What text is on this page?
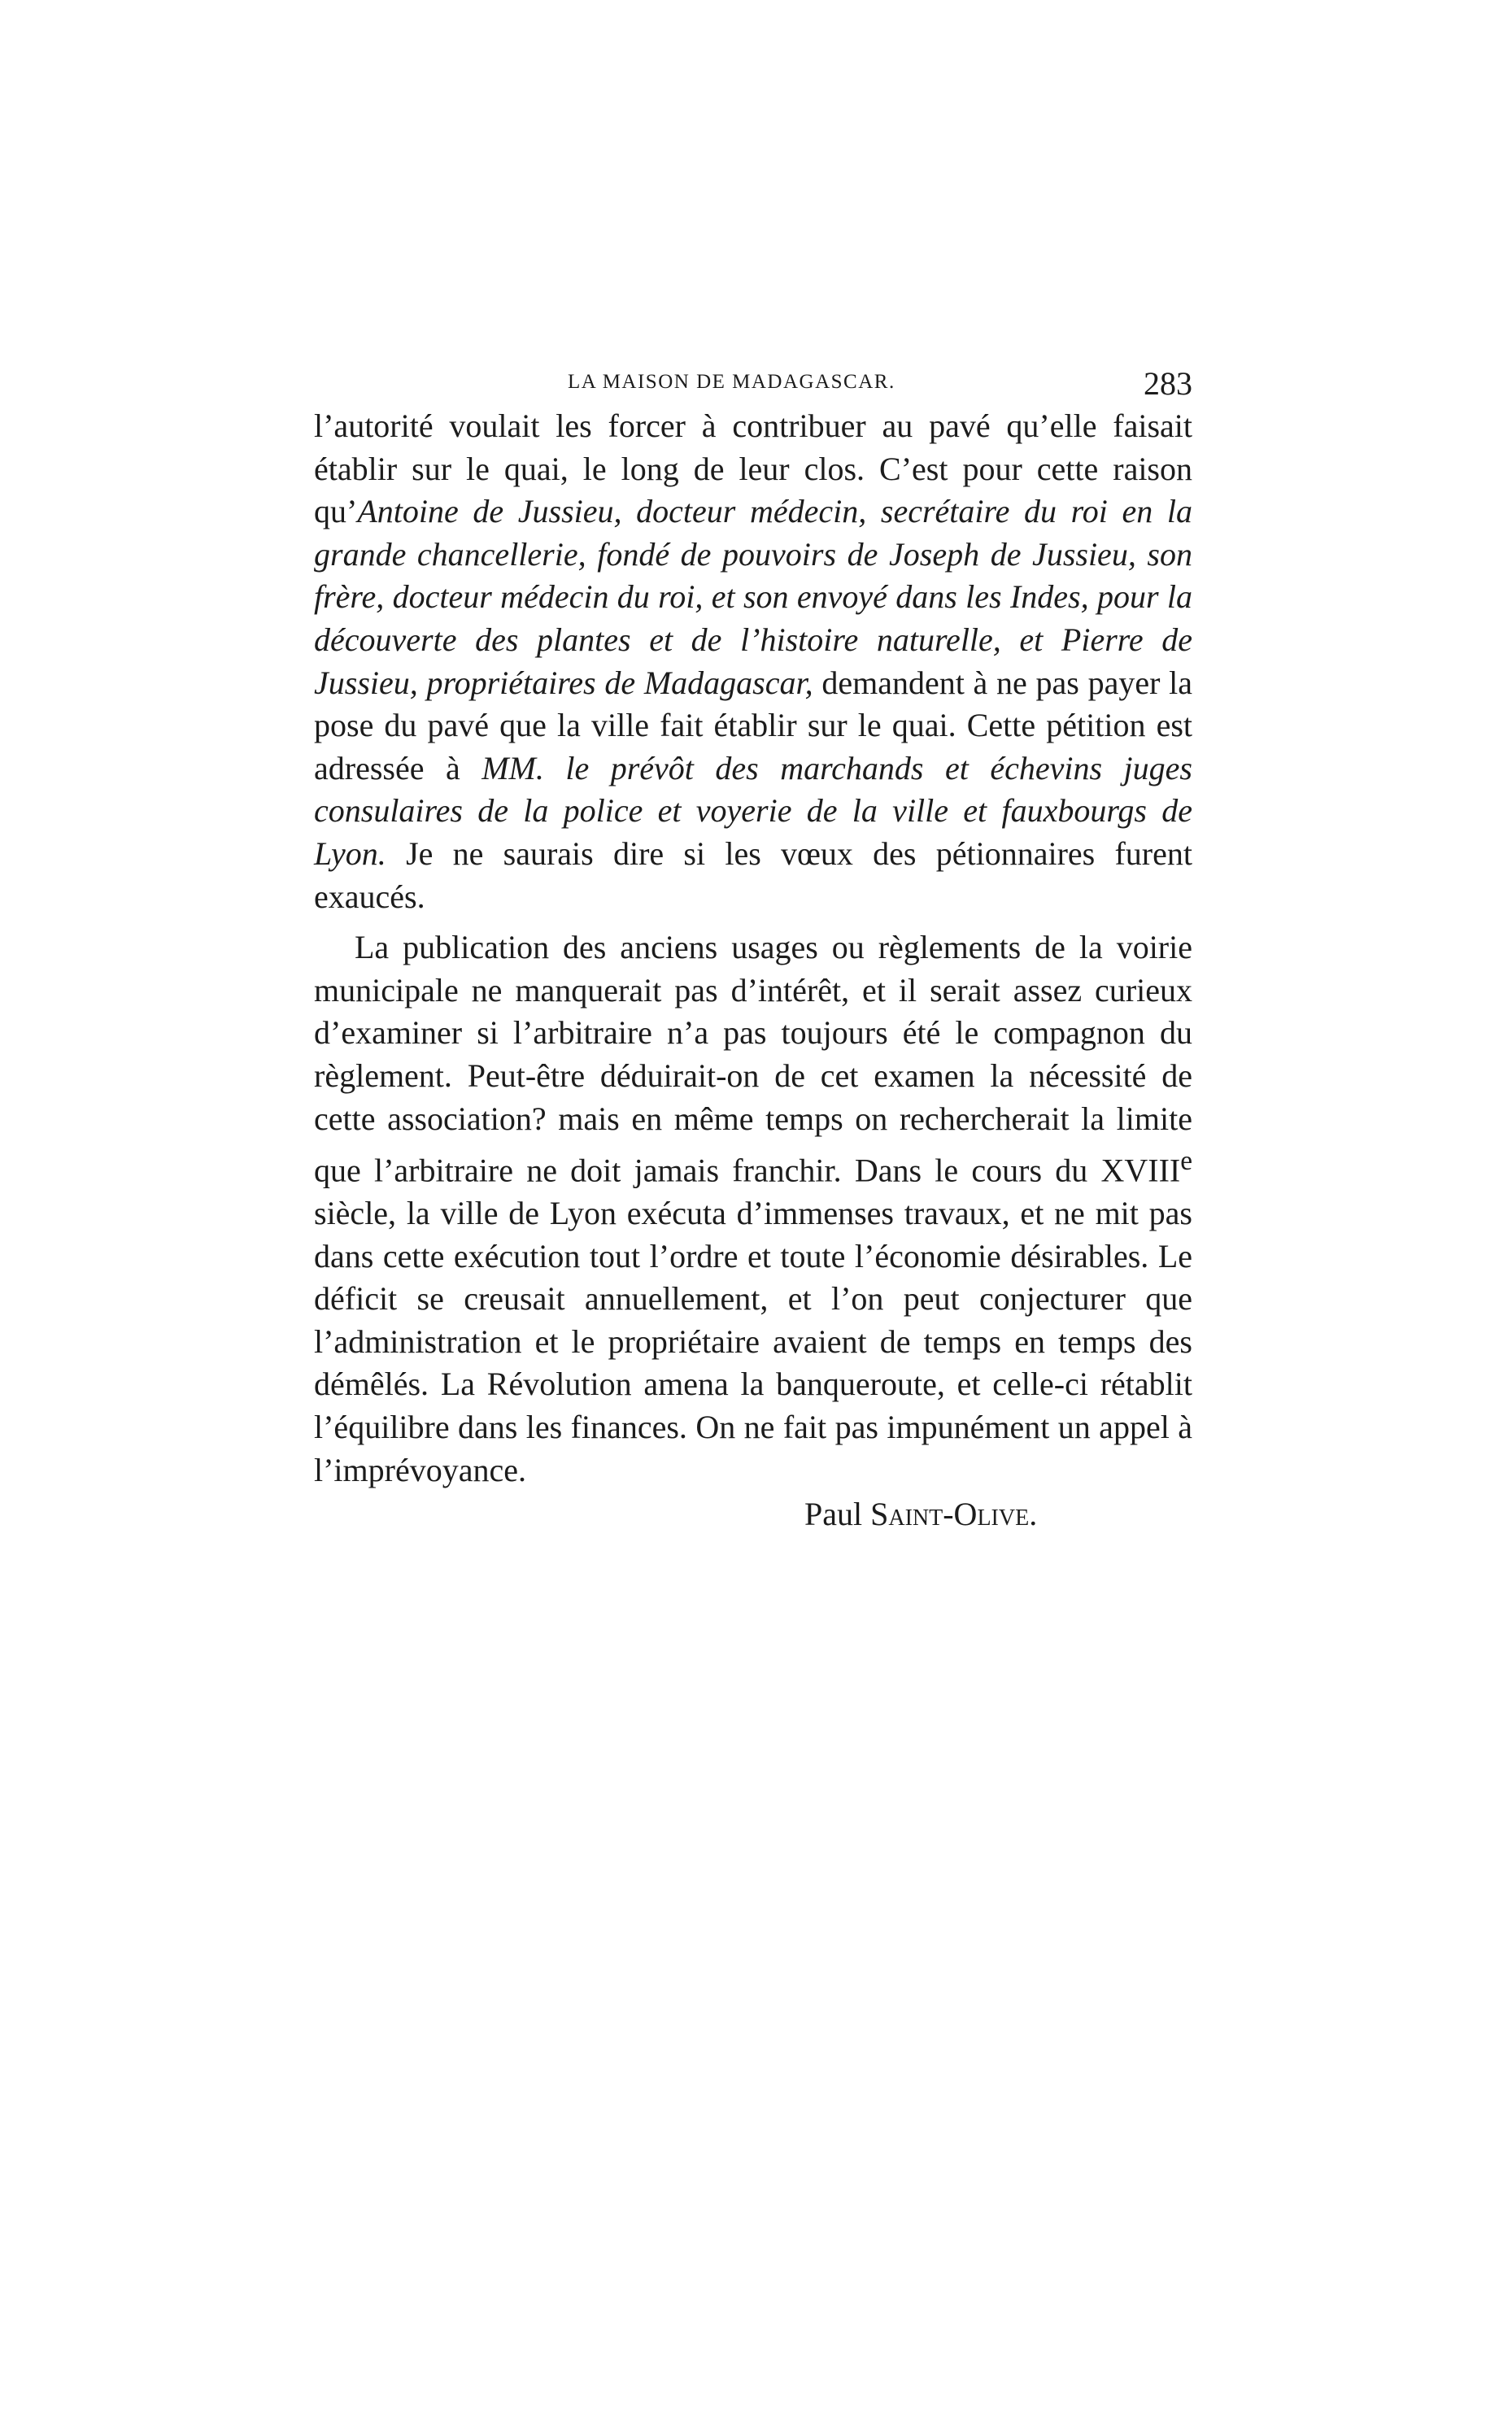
LA MAISON DE MADAGASCAR.	283

l’autorité voulait les forcer à contribuer au pavé qu’elle faisait établir sur le quai, le long de leur clos. C’est pour cette raison qu’Antoine de Jussieu, docteur médecin, secrétaire du roi en la grande chancellerie, fondé de pouvoirs de Joseph de Jussieu, son frère, docteur médecin du roi, et son envoyé dans les Indes, pour la découverte des plantes et de l’histoire naturelle, et Pierre de Jussieu, propriétaires de Madagascar, demandent à ne pas payer la pose du pavé que la ville fait établir sur le quai. Cette pétition est adressée à MM. le prévôt des marchands et échevins juges consulaires de la police et voyerie de la ville et fauxbourgs de Lyon. Je ne saurais dire si les vœux des pétionnaires furent exaucés.

La publication des anciens usages ou règlements de la voirie municipale ne manquerait pas d’intérêt, et il serait assez curieux d’examiner si l’arbitraire n’a pas toujours été le compagnon du règlement. Peut-être déduirait-on de cet examen la nécessité de cette association? mais en même temps on rechercherait la limite que l’arbitraire ne doit jamais franchir. Dans le cours du XVIIIe siècle, la ville de Lyon exécuta d’immenses travaux, et ne mit pas dans cette exécution tout l’ordre et toute l’économie désirables. Le déficit se creusait annuellement, et l’on peut conjecturer que l’administration et le propriétaire avaient de temps en temps des démêlés. La Révolution amena la banqueroute, et celle-ci rétablit l’équilibre dans les finances. On ne fait pas impunément un appel à l’imprévoyance.

Paul Saint-Olive.
